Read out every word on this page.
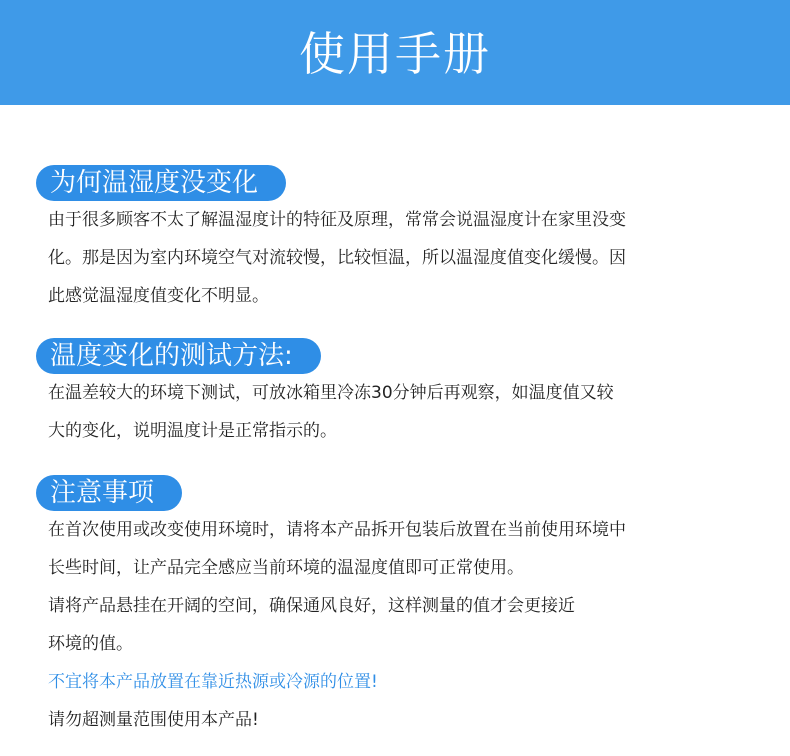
使用手册
为何温湿度没变化
由于很多顾客不太了解温湿度计的特征及原理，常常会说温湿度计在家里没变
化。那是因为室内环境空气对流较慢，比较恒温，所以温湿度值变化缓慢。因
此感觉温湿度值变化不明显。
温度变化的测试方法:
在温差较大的环境下测试，可放冰箱里冷冻30分钟后再观察，如温度值又较
大的变化，说明温度计是正常指示的。
注意事项
在首次使用或改变使用环境时，请将本产品拆开包装后放置在当前使用环境中
长些时间，让产品完全感应当前环境的温湿度值即可正常使用。
请将产品悬挂在开阔的空间，确保通风良好，这样测量的值才会更接近
环境的值。
不宜将本产品放置在靠近热源或冷源的位置!
请勿超测量范围使用本产品!
